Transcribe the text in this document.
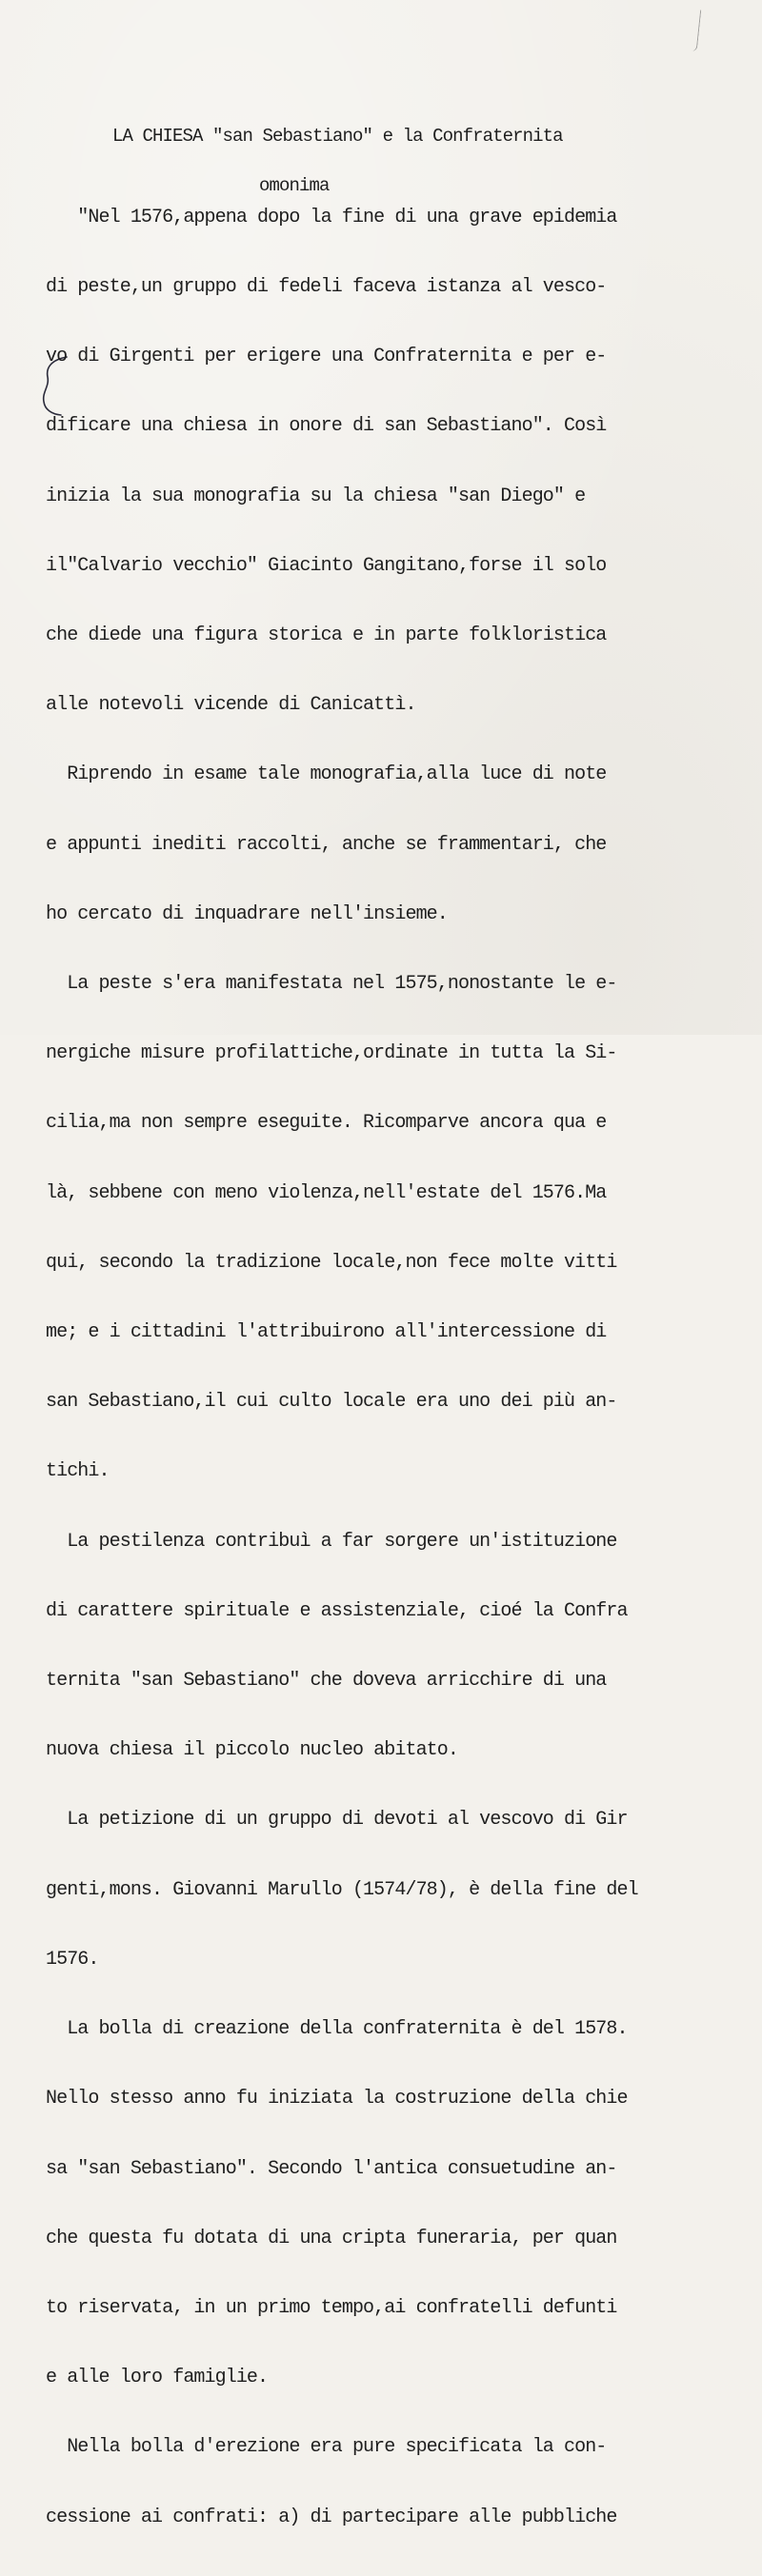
LA CHIESA "san Sebastiano" e la Confraternita

omonima

"Nel 1576,appena dopo la fine di una grave epidemia

di peste,un gruppo di fedeli faceva istanza al vesco-

vo di Girgenti per erigere una Confraternita e per e-

dificare una chiesa in onore di san Sebastiano". Così

inizia la sua monografia su la chiesa "san Diego" e

il"Calvario vecchio" Giacinto Gangitano,forse il solo

che diede una figura storica e in parte folkloristica

alle notevoli vicende di Canicattì.

Riprendo in esame tale monografia,alla luce di note

e appunti inediti raccolti, anche se frammentari, che

ho cercato di inquadrare nell'insieme.

La peste s'era manifestata nel 1575,nonostante le e-

nergiche misure profilattiche,ordinate in tutta la Si-

cilia,ma non sempre eseguite. Ricomparve ancora qua e

là, sebbene con meno violenza,nell'estate del 1576.Ma

qui, secondo la tradizione locale,non fece molte vitti

me; e i cittadini l'attribuirono all'intercessione di

san Sebastiano,il cui culto locale era uno dei più an-

tichi.

La pestilenza contribuì a far sorgere un'istituzione

di carattere spirituale e assistenziale, cioé la Confra

ternita "san Sebastiano" che doveva arricchire di una

nuova chiesa il piccolo nucleo abitato.

La petizione di un gruppo di devoti al vescovo di Gir

genti,mons. Giovanni Marullo (1574/78), è della fine del

1576.

La bolla di creazione della confraternita è del 1578.

Nello stesso anno fu iniziata la costruzione della chie

sa "san Sebastiano". Secondo l'antica consuetudine an-

che questa fu dotata di una cripta funeraria, per quan

to riservata, in un primo tempo,ai confratelli defunti

e alle loro famiglie.

Nella bolla d'erezione era pure specificata la con-

cessione ai confrati: a) di partecipare alle pubbliche
